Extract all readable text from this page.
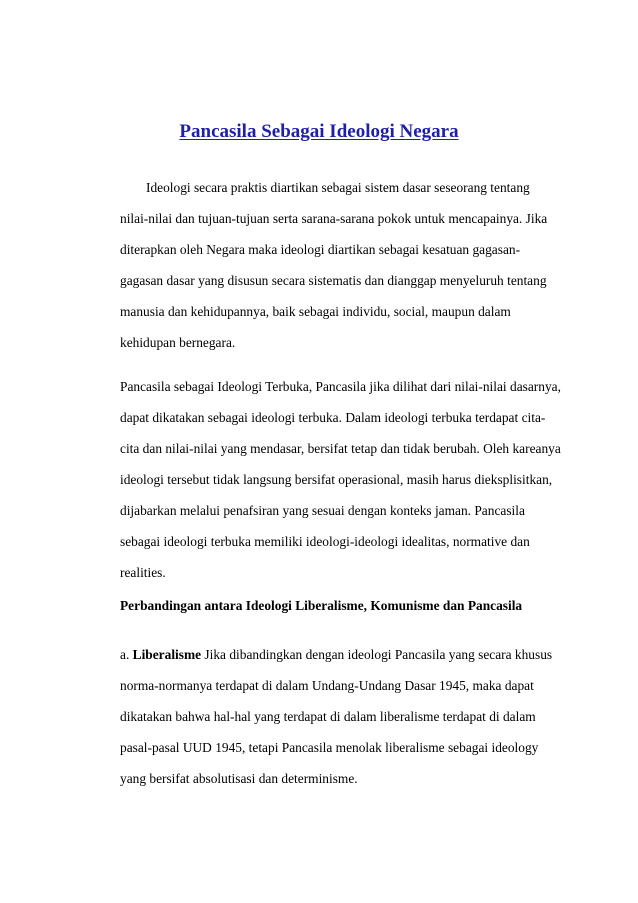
Pancasila Sebagai Ideologi Negara

Ideologi secara praktis diartikan sebagai sistem dasar seseorang tentang
nilai-nilai dan tujuan-tujuan serta sarana-sarana pokok untuk mencapainya. Jika
diterapkan oleh Negara maka ideologi diartikan sebagai kesatuan gagasan-
gagasan dasar yang disusun secara sistematis dan dianggap menyeluruh tentang
manusia dan kehidupannya, baik sebagai individu, social, maupun dalam
kehidupan bernegara.

Pancasila sebagai Ideologi Terbuka, Pancasila jika dilihat dari nilai-nilai dasarnya,
dapat dikatakan sebagai ideologi terbuka. Dalam ideologi terbuka terdapat cita-
cita dan nilai-nilai yang mendasar, bersifat tetap dan tidak berubah. Oleh kareanya
ideologi tersebut tidak langsung bersifat operasional, masih harus dieksplisitkan,
dijabarkan melalui penafsiran yang sesuai dengan konteks jaman. Pancasila
sebagai ideologi terbuka memiliki ideologi-ideologi idealitas, normative dan
realities.

Perbandingan antara Ideologi Liberalisme, Komunisme dan Pancasila

a. Liberalisme Jika dibandingkan dengan ideologi Pancasila yang secara khusus
norma-normanya terdapat di dalam Undang-Undang Dasar 1945, maka dapat
dikatakan bahwa hal-hal yang terdapat di dalam liberalisme terdapat di dalam
pasal-pasal UUD 1945, tetapi Pancasila menolak liberalisme sebagai ideology
yang bersifat absolutisasi dan determinisme.
